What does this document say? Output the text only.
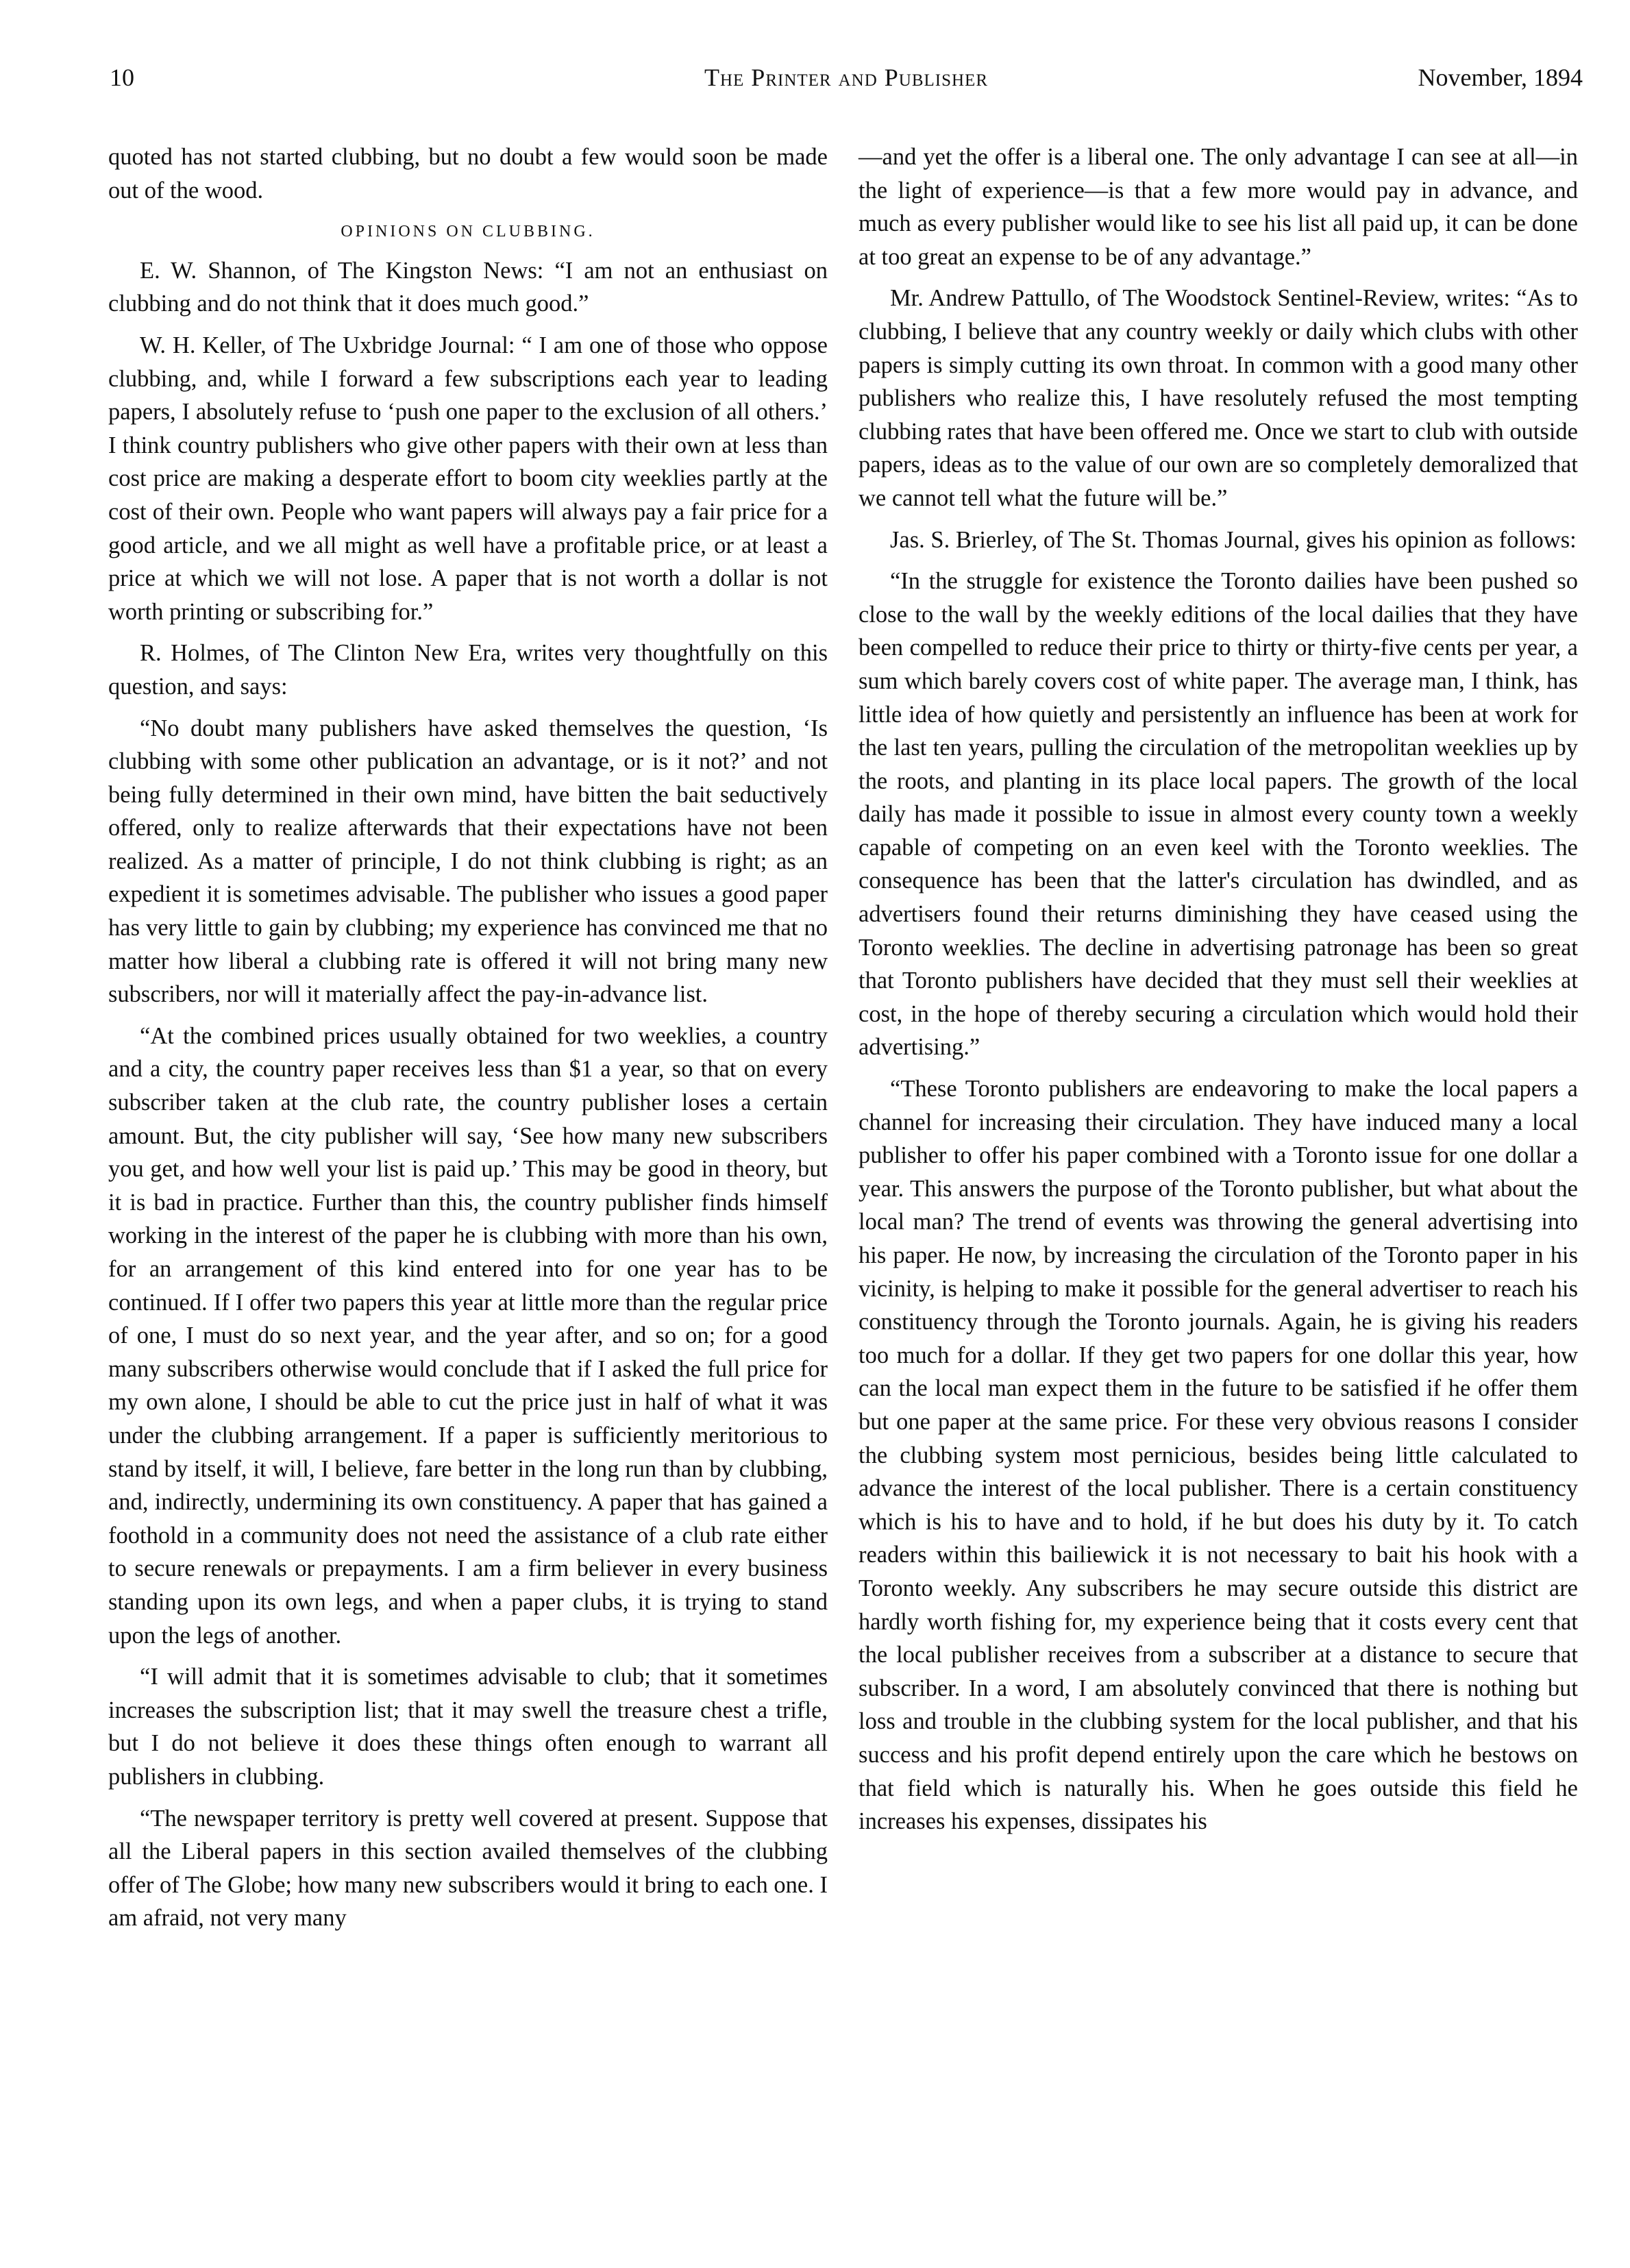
10	The Printer and Publisher	November, 1894

quoted has not started clubbing, but no doubt a few would soon be made out of the wood.

OPINIONS ON CLUBBING.

E. W. Shannon, of The Kingston News: “I am not an enthusiast on clubbing and do not think that it does much good.”

W. H. Keller, of The Uxbridge Journal: “ I am one of those who oppose clubbing, and, while I forward a few subscriptions each year to leading papers, I absolutely refuse to ‘push one paper to the exclusion of all others.’ I think country publishers who give other papers with their own at less than cost price are making a desperate effort to boom city weeklies partly at the cost of their own. People who want papers will always pay a fair price for a good article, and we all might as well have a profitable price, or at least a price at which we will not lose. A paper that is not worth a dollar is not worth printing or subscribing for.”

R. Holmes, of The Clinton New Era, writes very thoughtfully on this question, and says:

“No doubt many publishers have asked themselves the question, ‘Is clubbing with some other publication an advantage, or is it not?’ and not being fully determined in their own mind, have bitten the bait seductively offered, only to realize afterwards that their expectations have not been realized. As a matter of principle, I do not think clubbing is right; as an expedient it is sometimes advisable. The publisher who issues a good paper has very little to gain by clubbing; my experience has convinced me that no matter how liberal a clubbing rate is offered it will not bring many new subscribers, nor will it materially affect the pay-in-advance list.

“At the combined prices usually obtained for two weeklies, a country and a city, the country paper receives less than $1 a year, so that on every subscriber taken at the club rate, the country publisher loses a certain amount. But, the city publisher will say, ‘See how many new subscribers you get, and how well your list is paid up.’ This may be good in theory, but it is bad in practice. Further than this, the country publisher finds himself working in the interest of the paper he is clubbing with more than his own, for an arrangement of this kind entered into for one year has to be continued. If I offer two papers this year at little more than the regular price of one, I must do so next year, and the year after, and so on; for a good many subscribers otherwise would conclude that if I asked the full price for my own alone, I should be able to cut the price just in half of what it was under the clubbing arrangement. If a paper is sufficiently meritorious to stand by itself, it will, I believe, fare better in the long run than by clubbing, and, indirectly, undermining its own constituency. A paper that has gained a foothold in a community does not need the assistance of a club rate either to secure renewals or prepayments. I am a firm believer in every business standing upon its own legs, and when a paper clubs, it is trying to stand upon the legs of another.

“I will admit that it is sometimes advisable to club; that it sometimes increases the subscription list; that it may swell the treasure chest a trifle, but I do not believe it does these things often enough to warrant all publishers in clubbing.

“The newspaper territory is pretty well covered at present. Suppose that all the Liberal papers in this section availed themselves of the clubbing offer of The Globe; how many new subscribers would it bring to each one. I am afraid, not very many

—and yet the offer is a liberal one. The only advantage I can see at all—in the light of experience—is that a few more would pay in advance, and much as every publisher would like to see his list all paid up, it can be done at too great an expense to be of any advantage.”

Mr. Andrew Pattullo, of The Woodstock Sentinel-Review, writes: “As to clubbing, I believe that any country weekly or daily which clubs with other papers is simply cutting its own throat. In common with a good many other publishers who realize this, I have resolutely refused the most tempting clubbing rates that have been offered me. Once we start to club with outside papers, ideas as to the value of our own are so completely demoralized that we cannot tell what the future will be.”

Jas. S. Brierley, of The St. Thomas Journal, gives his opinion as follows:

“In the struggle for existence the Toronto dailies have been pushed so close to the wall by the weekly editions of the local dailies that they have been compelled to reduce their price to thirty or thirty-five cents per year, a sum which barely covers cost of white paper. The average man, I think, has little idea of how quietly and persistently an influence has been at work for the last ten years, pulling the circulation of the metropolitan weeklies up by the roots, and planting in its place local papers. The growth of the local daily has made it possible to issue in almost every county town a weekly capable of competing on an even keel with the Toronto weeklies. The consequence has been that the latter's circulation has dwindled, and as advertisers found their returns diminishing they have ceased using the Toronto weeklies. The decline in advertising patronage has been so great that Toronto publishers have decided that they must sell their weeklies at cost, in the hope of thereby securing a circulation which would hold their advertising.”

“These Toronto publishers are endeavoring to make the local papers a channel for increasing their circulation. They have induced many a local publisher to offer his paper combined with a Toronto issue for one dollar a year. This answers the purpose of the Toronto publisher, but what about the local man? The trend of events was throwing the general advertising into his paper. He now, by increasing the circulation of the Toronto paper in his vicinity, is helping to make it possible for the general advertiser to reach his constituency through the Toronto journals. Again, he is giving his readers too much for a dollar. If they get two papers for one dollar this year, how can the local man expect them in the future to be satisfied if he offer them but one paper at the same price. For these very obvious reasons I consider the clubbing system most pernicious, besides being little calculated to advance the interest of the local publisher. There is a certain constituency which is his to have and to hold, if he but does his duty by it. To catch readers within this bailiewick it is not necessary to bait his hook with a Toronto weekly. Any subscribers he may secure outside this district are hardly worth fishing for, my experience being that it costs every cent that the local publisher receives from a subscriber at a distance to secure that subscriber. In a word, I am absolutely convinced that there is nothing but loss and trouble in the clubbing system for the local publisher, and that his success and his profit depend entirely upon the care which he bestows on that field which is naturally his. When he goes outside this field he increases his expenses, dissipates his
